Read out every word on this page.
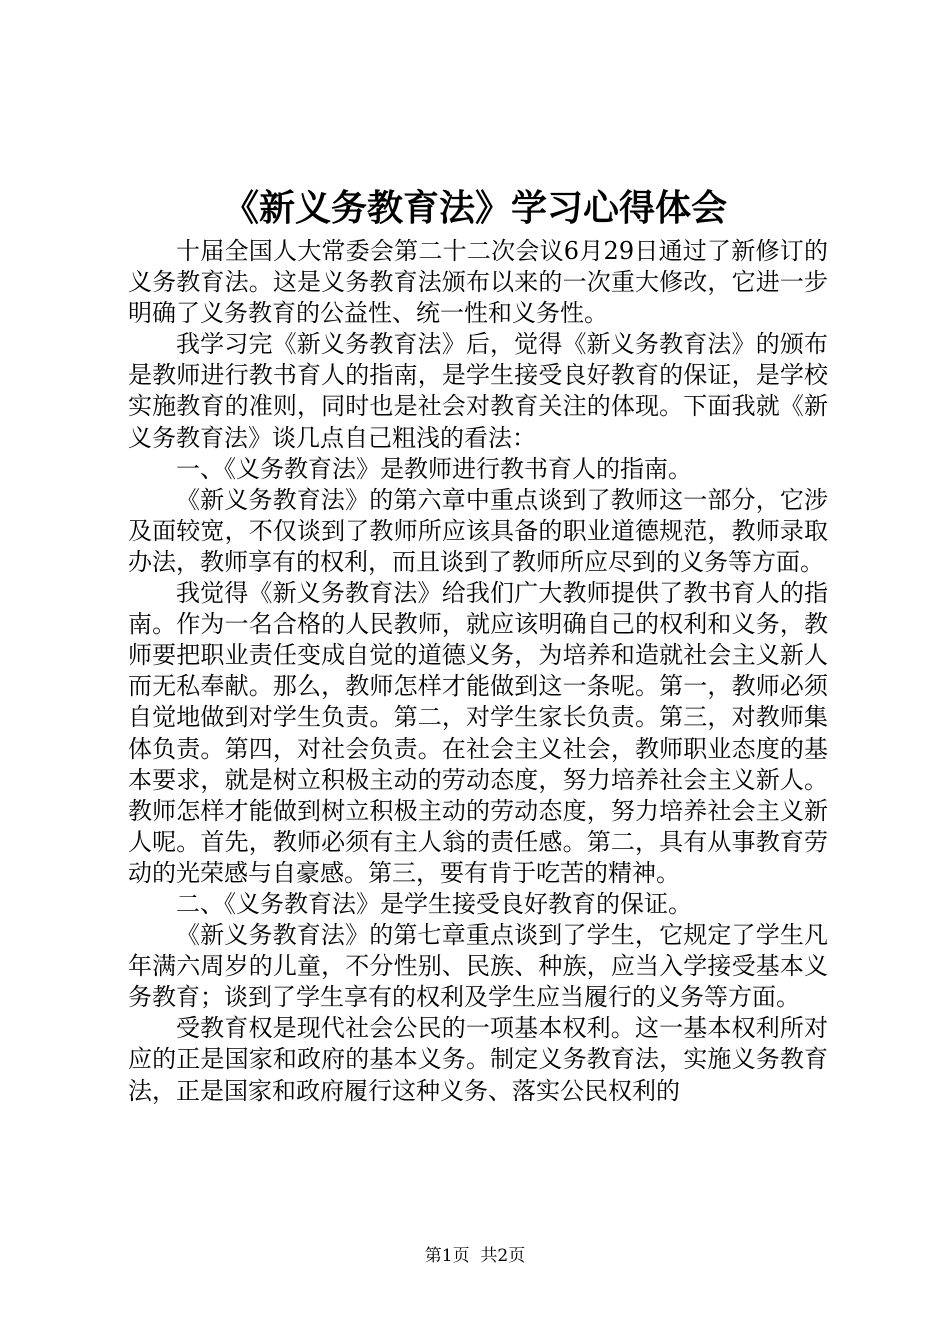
《新义务教育法》学习心得体会

十届全国人大常委会第二十二次会议6月29日通过了新修订的义务教育法。这是义务教育法颁布以来的一次重大修改，它进一步明确了义务教育的公益性、统一性和义务性。

我学习完《新义务教育法》后，觉得《新义务教育法》的颁布是教师进行教书育人的指南，是学生接受良好教育的保证，是学校实施教育的准则，同时也是社会对教育关注的体现。下面我就《新义务教育法》谈几点自己粗浅的看法：

一、《义务教育法》是教师进行教书育人的指南。

《新义务教育法》的第六章中重点谈到了教师这一部分，它涉及面较宽，不仅谈到了教师所应该具备的职业道德规范，教师录取办法，教师享有的权利，而且谈到了教师所应尽到的义务等方面。

我觉得《新义务教育法》给我们广大教师提供了教书育人的指南。作为一名合格的人民教师，就应该明确自己的权利和义务，教师要把职业责任变成自觉的道德义务，为培养和造就社会主义新人而无私奉献。那么，教师怎样才能做到这一条呢。第一，教师必须自觉地做到对学生负责。第二，对学生家长负责。第三，对教师集体负责。第四，对社会负责。在社会主义社会，教师职业态度的基本要求，就是树立积极主动的劳动态度，努力培养社会主义新人。教师怎样才能做到树立积极主动的劳动态度，努力培养社会主义新人呢。首先，教师必须有主人翁的责任感。第二，具有从事教育劳动的光荣感与自豪感。第三，要有肯于吃苦的精神。

二、《义务教育法》是学生接受良好教育的保证。

《新义务教育法》的第七章重点谈到了学生，它规定了学生凡年满六周岁的儿童，不分性别、民族、种族，应当入学接受基本义务教育；谈到了学生享有的权利及学生应当履行的义务等方面。

受教育权是现代社会公民的一项基本权利。这一基本权利所对应的正是国家和政府的基本义务。制定义务教育法，实施义务教育法，正是国家和政府履行这种义务、落实公民权利的

第1页 共2页
